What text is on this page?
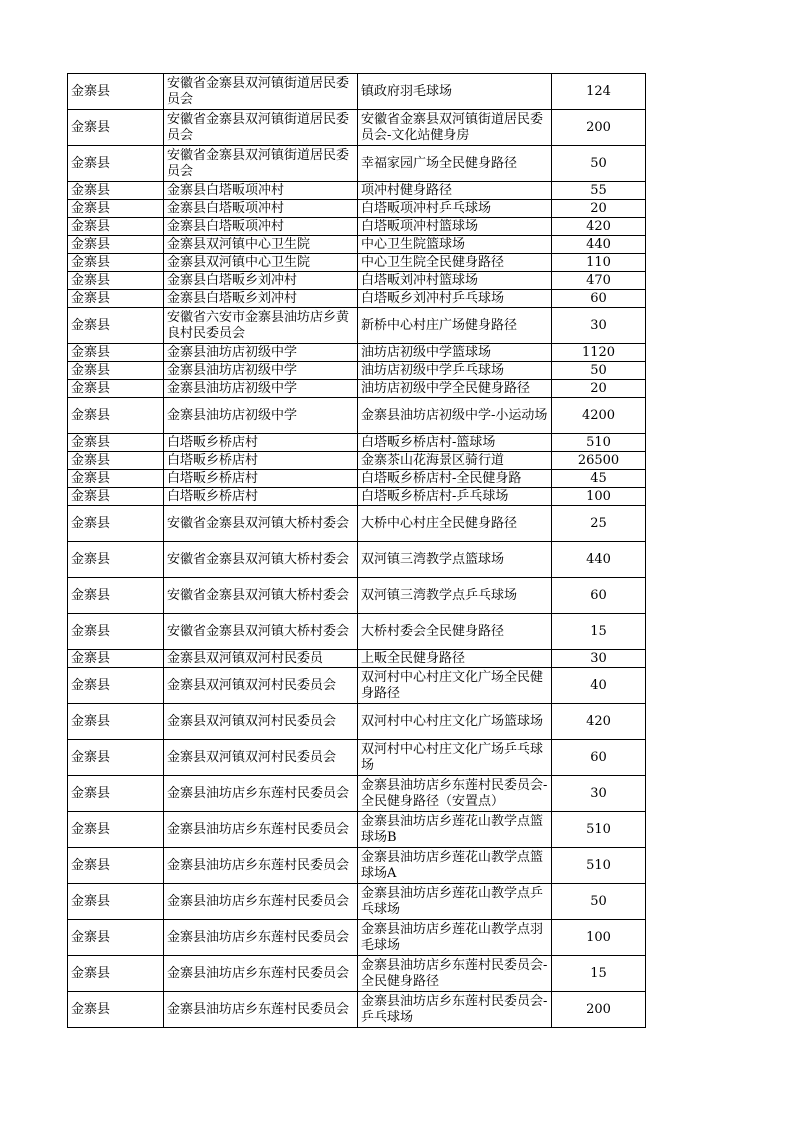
金寨县	安徽省金寨县双河镇街道居民委员会	镇政府羽毛球场	124
金寨县	安徽省金寨县双河镇街道居民委员会	安徽省金寨县双河镇街道居民委员会-文化站健身房	200
金寨县	安徽省金寨县双河镇街道居民委员会	幸福家园广场全民健身路径	50
金寨县	金寨县白塔畈项冲村	项冲村健身路径	55
金寨县	金寨县白塔畈项冲村	白塔畈项冲村乒乓球场	20
金寨县	金寨县白塔畈项冲村	白塔畈项冲村篮球场	420
金寨县	金寨县双河镇中心卫生院	中心卫生院篮球场	440
金寨县	金寨县双河镇中心卫生院	中心卫生院全民健身路径	110
金寨县	金寨县白塔畈乡刘冲村	白塔畈刘冲村篮球场	470
金寨县	金寨县白塔畈乡刘冲村	白塔畈乡刘冲村乒乓球场	60
金寨县	安徽省六安市金寨县油坊店乡黄良村民委员会	新桥中心村庄广场健身路径	30
金寨县	金寨县油坊店初级中学	油坊店初级中学篮球场	1120
金寨县	金寨县油坊店初级中学	油坊店初级中学乒乓球场	50
金寨县	金寨县油坊店初级中学	油坊店初级中学全民健身路径	20
金寨县	金寨县油坊店初级中学	金寨县油坊店初级中学-小运动场	4200
金寨县	白塔畈乡桥店村	白塔畈乡桥店村-篮球场	510
金寨县	白塔畈乡桥店村	金寨茶山花海景区骑行道	26500
金寨县	白塔畈乡桥店村	白塔畈乡桥店村-全民健身路	45
金寨县	白塔畈乡桥店村	白塔畈乡桥店村-乒乓球场	100
金寨县	安徽省金寨县双河镇大桥村委会	大桥中心村庄全民健身路径	25
金寨县	安徽省金寨县双河镇大桥村委会	双河镇三湾教学点篮球场	440
金寨县	安徽省金寨县双河镇大桥村委会	双河镇三湾教学点乒乓球场	60
金寨县	安徽省金寨县双河镇大桥村委会	大桥村委会全民健身路径	15
金寨县	金寨县双河镇双河村民委员	上畈全民健身路径	30
金寨县	金寨县双河镇双河村民委员会	双河村中心村庄文化广场全民健身路径	40
金寨县	金寨县双河镇双河村民委员会	双河村中心村庄文化广场篮球场	420
金寨县	金寨县双河镇双河村民委员会	双河村中心村庄文化广场乒乓球场	60
金寨县	金寨县油坊店乡东莲村民委员会	金寨县油坊店乡东莲村民委员会-全民健身路径（安置点）	30
金寨县	金寨县油坊店乡东莲村民委员会	金寨县油坊店乡莲花山教学点篮球场B	510
金寨县	金寨县油坊店乡东莲村民委员会	金寨县油坊店乡莲花山教学点篮球场A	510
金寨县	金寨县油坊店乡东莲村民委员会	金寨县油坊店乡莲花山教学点乒乓球场	50
金寨县	金寨县油坊店乡东莲村民委员会	金寨县油坊店乡莲花山教学点羽毛球场	100
金寨县	金寨县油坊店乡东莲村民委员会	金寨县油坊店乡东莲村民委员会-全民健身路径	15
金寨县	金寨县油坊店乡东莲村民委员会	金寨县油坊店乡东莲村民委员会-乒乓球场	200
